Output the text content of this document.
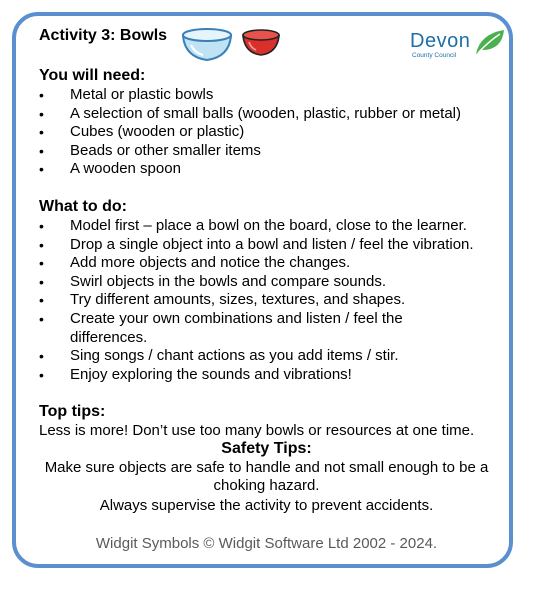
Activity 3: Bowls	Devon
County Council
You will need:
• Metal or plastic bowls
• A selection of small balls (wooden, plastic, rubber or metal)
• Cubes (wooden or plastic)
• Beads or other smaller items
• A wooden spoon
What to do:
• Model first – place a bowl on the board, close to the learner.
• Drop a single object into a bowl and listen / feel the vibration.
• Add more objects and notice the changes.
• Swirl objects in the bowls and compare sounds.
• Try different amounts, sizes, textures, and shapes.
• Create your own combinations and listen / feel the differences.
• Sing songs / chant actions as you add items / stir.
• Enjoy exploring the sounds and vibrations!
Top tips:
Less is more! Don’t use too many bowls or resources at one time.
Safety Tips:
Make sure objects are safe to handle and not small enough to be a choking hazard.
Always supervise the activity to prevent accidents.
Widgit Symbols © Widgit Software Ltd 2002 - 2024.
